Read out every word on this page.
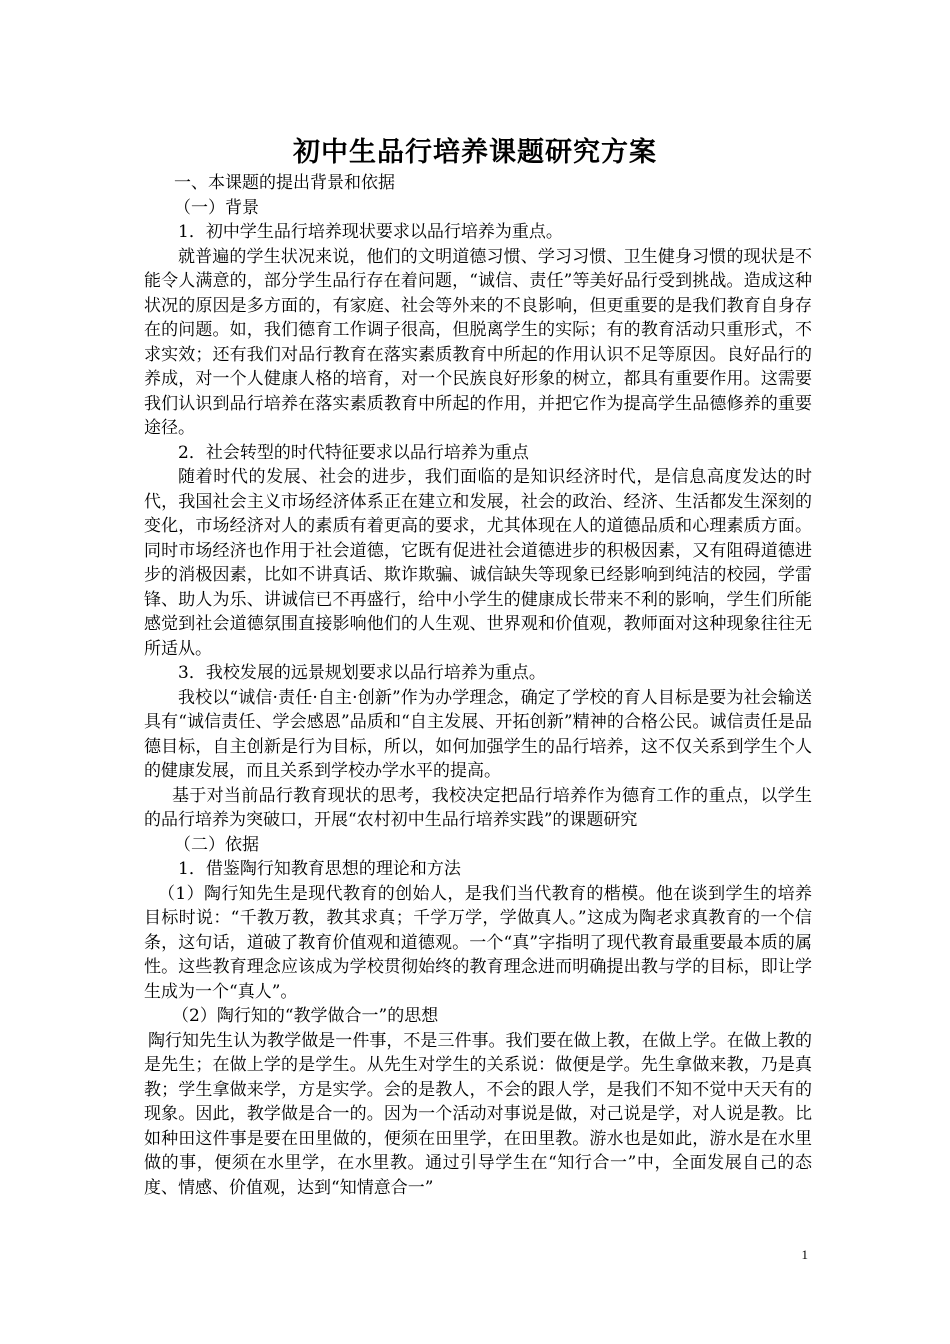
初中生品行培养课题研究方案

一、本课题的提出背景和依据

（一）背景

1．初中学生品行培养现状要求以品行培养为重点。

就普遍的学生状况来说，他们的文明道德习惯、学习习惯、卫生健身习惯的现状是不能令人满意的，部分学生品行存在着问题，“诚信、责任”等美好品行受到挑战。造成这种状况的原因是多方面的，有家庭、社会等外来的不良影响，但更重要的是我们教育自身存在的问题。如，我们德育工作调子很高，但脱离学生的实际；有的教育活动只重形式，不求实效；还有我们对品行教育在落实素质教育中所起的作用认识不足等原因。良好品行的养成，对一个人健康人格的培育，对一个民族良好形象的树立，都具有重要作用。这需要我们认识到品行培养在落实素质教育中所起的作用，并把它作为提高学生品德修养的重要途径。

2．社会转型的时代特征要求以品行培养为重点

随着时代的发展、社会的进步，我们面临的是知识经济时代，是信息高度发达的时代，我国社会主义市场经济体系正在建立和发展，社会的政治、经济、生活都发生深刻的变化，市场经济对人的素质有着更高的要求，尤其体现在人的道德品质和心理素质方面。同时市场经济也作用于社会道德，它既有促进社会道德进步的积极因素，又有阻碍道德进步的消极因素，比如不讲真话、欺诈欺骗、诚信缺失等现象已经影响到纯洁的校园，学雷锋、助人为乐、讲诚信已不再盛行，给中小学生的健康成长带来不利的影响，学生们所能感觉到社会道德氛围直接影响他们的人生观、世界观和价值观，教师面对这种现象往往无所适从。

3．我校发展的远景规划要求以品行培养为重点。

我校以“诚信·责任·自主·创新”作为办学理念，确定了学校的育人目标是要为社会输送具有“诚信责任、学会感恩”品质和“自主发展、开拓创新”精神的合格公民。诚信责任是品德目标，自主创新是行为目标，所以，如何加强学生的品行培养，这不仅关系到学生个人的健康发展，而且关系到学校办学水平的提高。

基于对当前品行教育现状的思考，我校决定把品行培养作为德育工作的重点，以学生的品行培养为突破口，开展“农村初中生品行培养实践”的课题研究

（二）依据

1．借鉴陶行知教育思想的理论和方法

（1）陶行知先生是现代教育的创始人，是我们当代教育的楷模。他在谈到学生的培养目标时说：“千教万教，教其求真；千学万学，学做真人。”这成为陶老求真教育的一个信条，这句话，道破了教育价值观和道德观。一个“真”字指明了现代教育最重要最本质的属性。这些教育理念应该成为学校贯彻始终的教育理念进而明确提出教与学的目标，即让学生成为一个“真人”。

（2）陶行知的“教学做合一”的思想

陶行知先生认为教学做是一件事，不是三件事。我们要在做上教，在做上学。在做上教的是先生；在做上学的是学生。从先生对学生的关系说：做便是学。先生拿做来教，乃是真教；学生拿做来学，方是实学。会的是教人，不会的跟人学，是我们不知不觉中天天有的现象。因此，教学做是合一的。因为一个活动对事说是做，对己说是学，对人说是教。比如种田这件事是要在田里做的，便须在田里学，在田里教。游水也是如此，游水是在水里做的事，便须在水里学，在水里教。通过引导学生在“知行合一”中，全面发展自己的态度、情感、价值观，达到“知情意合一”

1
